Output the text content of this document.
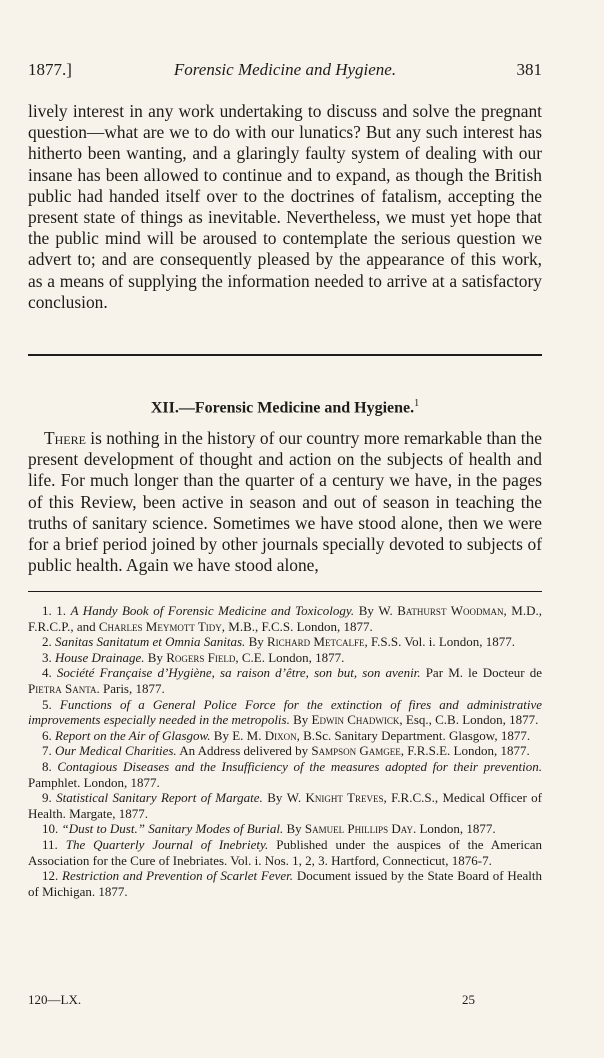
1877.]	Forensic Medicine and Hygiene.	381

lively interest in any work undertaking to discuss and solve the pregnant question—what are we to do with our lunatics? But any such interest has hitherto been wanting, and a glaringly faulty system of dealing with our insane has been allowed to continue and to expand, as though the British public had handed itself over to the doctrines of fatalism, accepting the present state of things as inevitable. Nevertheless, we must yet hope that the public mind will be aroused to contemplate the serious question we advert to; and are consequently pleased by the appearance of this work, as a means of supplying the information needed to arrive at a satisfactory conclusion.

XII.—Forensic Medicine and Hygiene.$^1$

There is nothing in the history of our country more remarkable than the present development of thought and action on the subjects of health and life. For much longer than the quarter of a century we have, in the pages of this Review, been active in season and out of season in teaching the truths of sanitary science. Sometimes we have stood alone, then we were for a brief period joined by other journals specially devoted to subjects of public health. Again we have stood alone,

1. 1. A Handy Book of Forensic Medicine and Toxicology. By W. Bathurst Woodman, M.D., F.R.C.P., and Charles Meymott Tidy, M.B., F.C.S. London, 1877.
2. Sanitas Sanitatum et Omnia Sanitas. By Richard Metcalfe, F.S.S. Vol. i. London, 1877.
3. House Drainage. By Rogers Field, C.E. London, 1877.
4. Société Française d’Hygiène, sa raison d’être, son but, son avenir. Par M. le Docteur de Pietra Santa. Paris, 1877.
5. Functions of a General Police Force for the extinction of fires and administrative improvements especially needed in the metropolis. By Edwin Chadwick, Esq., C.B. London, 1877.
6. Report on the Air of Glasgow. By E. M. Dixon, B.Sc. Sanitary Department. Glasgow, 1877.
7. Our Medical Charities. An Address delivered by Sampson Gamgee, F.R.S.E. London, 1877.
8. Contagious Diseases and the Insufficiency of the measures adopted for their prevention. Pamphlet. London, 1877.
9. Statistical Sanitary Report of Margate. By W. Knight Treves, F.R.C.S., Medical Officer of Health. Margate, 1877.
10. “Dust to Dust.” Sanitary Modes of Burial. By Samuel Phillips Day. London, 1877.
11. The Quarterly Journal of Inebriety. Published under the auspices of the American Association for the Cure of Inebriates. Vol. i. Nos. 1, 2, 3. Hartford, Connecticut, 1876-7.
12. Restriction and Prevention of Scarlet Fever. Document issued by the State Board of Health of Michigan. 1877.
120—LX.	25
